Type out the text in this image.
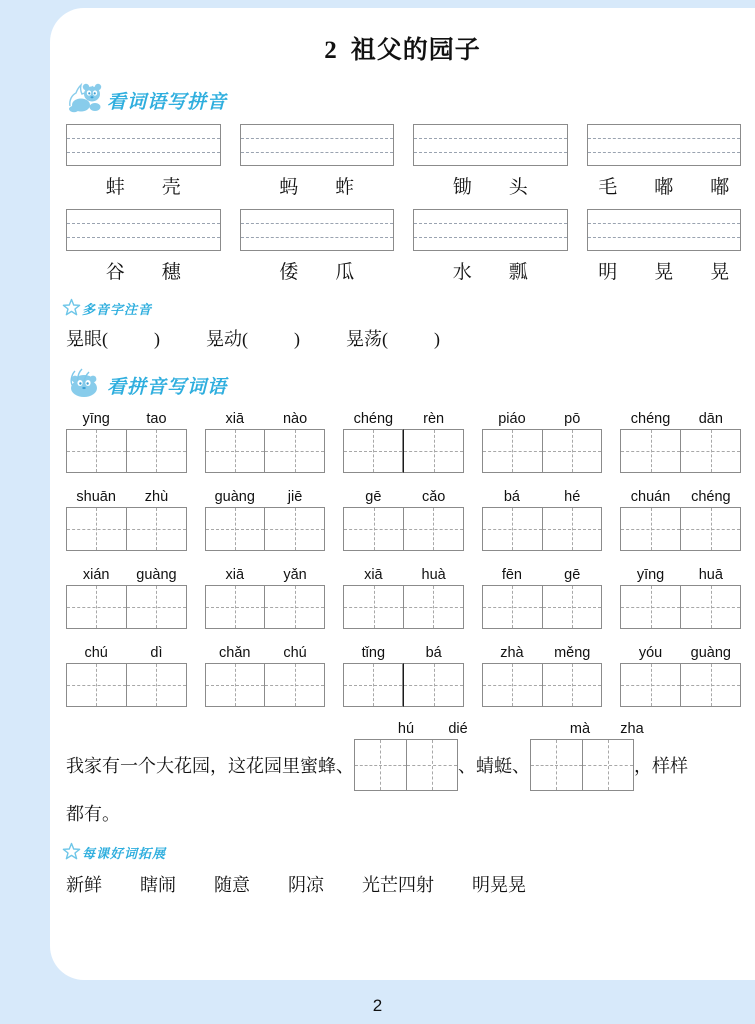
2 祖父的园子
看词语写拼音
蚌　壳	蚂　蚱	锄　头	毛　嘟　嘟
谷　穗	倭　瓜	水　瓢	明　晃　晃
多音字注音
晃眼(	)	晃动(	)	晃荡(	)
看拼音写词语
yīng	tao	xiā	nào	chéng	rèn	piáo	pō	chéng	dān
shuān	zhù	guàng	jiē	gē	cǎo	bá	hé	chuán	chéng
xián	guàng	xiā	yǎn	xiā	huà	fēn	gē	yīng	huā
chú	dì	chǎn	chú	tǐng	bá	zhà	měng	yóu	guàng
hú	dié	mà	zha
我家有一个大花园，这花园里蜜蜂、	、蜻蜓、	，样样
都有。
每课好词拓展
新鲜 瞎闹 随意 阴凉 光芒四射 明晃晃
2
